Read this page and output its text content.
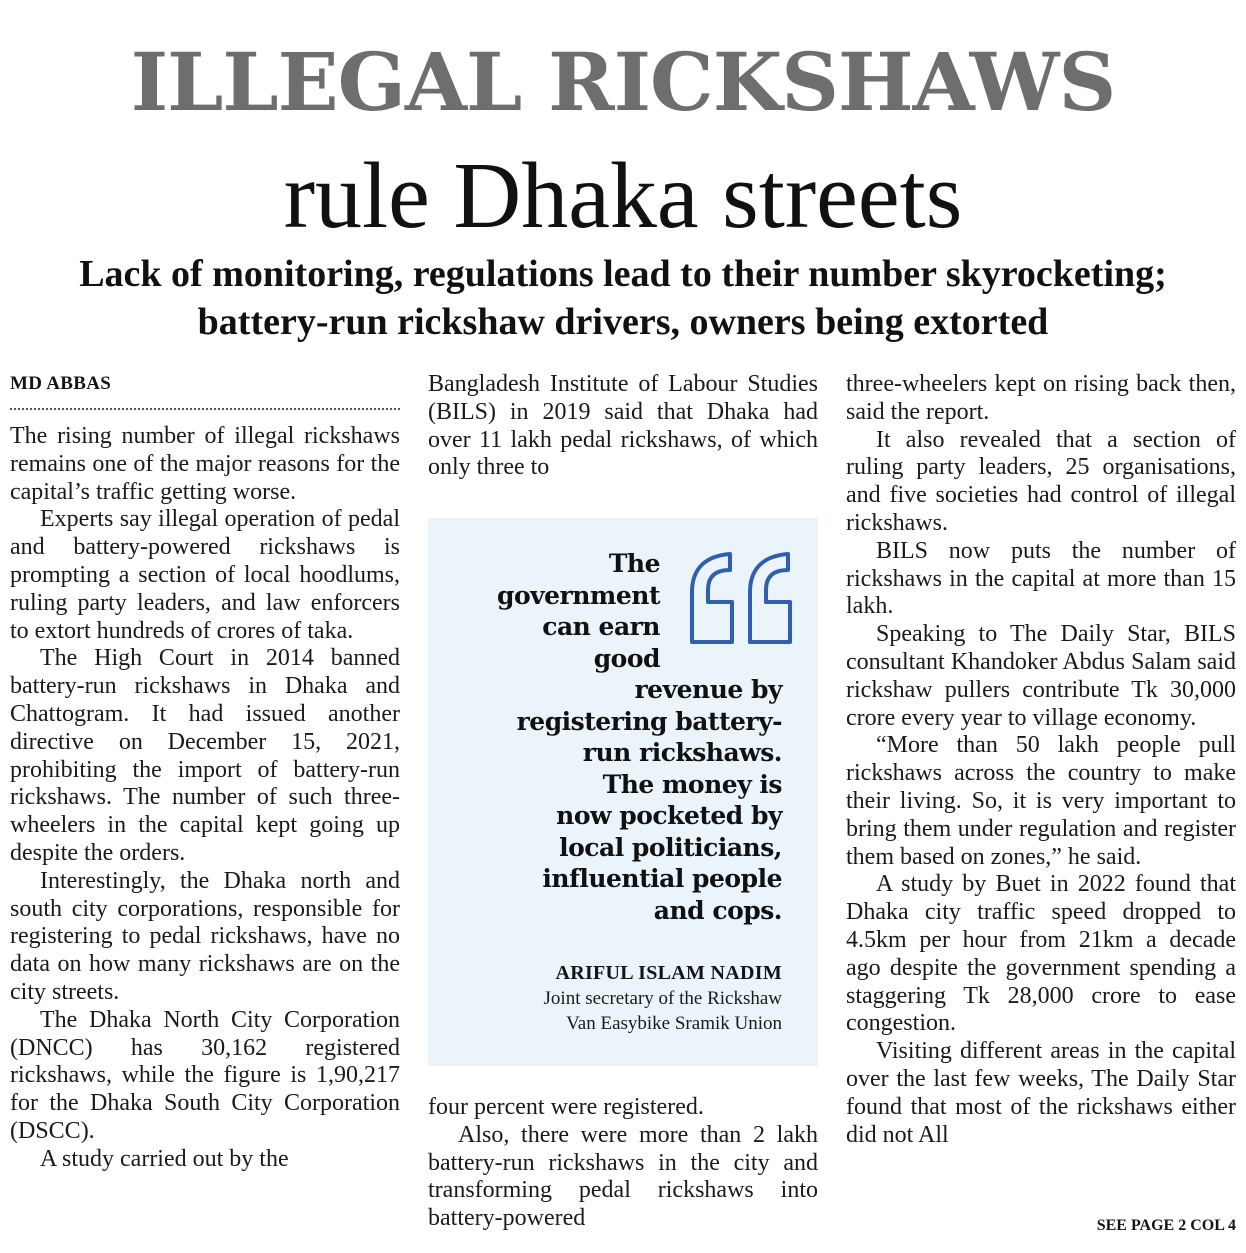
ILLEGAL RICKSHAWS
rule Dhaka streets
Lack of monitoring, regulations lead to their number skyrocketing;
battery-run rickshaw drivers, owners being extorted
MD ABBAS

The rising number of illegal rickshaws remains one of the major reasons for the capital’s traffic getting worse.

Experts say illegal operation of pedal and battery-powered rickshaws is prompting a section of local hoodlums, ruling party leaders, and law enforcers to extort hundreds of crores of taka.

The High Court in 2014 banned battery-run rickshaws in Dhaka and Chattogram. It had issued another directive on December 15, 2021, prohibiting the import of battery-run rickshaws. The number of such three-wheelers in the capital kept going up despite the orders.

Interestingly, the Dhaka north and south city corporations, responsible for registering to pedal rickshaws, have no data on how many rickshaws are on the city streets.

The Dhaka North City Corporation (DNCC) has 30,162 registered rickshaws, while the figure is 1,90,217 for the Dhaka South City Corporation (DSCC).

A study carried out by the

Bangladesh Institute of Labour Studies (BILS) in 2019 said that Dhaka had over 11 lakh pedal rickshaws, of which only three to

The
government
can earn
good
revenue by
registering battery-
run rickshaws.
The money is
now pocketed by
local politicians,
influential people
and cops.
ARIFUL ISLAM NADIM
Joint secretary of the Rickshaw
Van Easybike Sramik Union

four percent were registered.

Also, there were more than 2 lakh battery-run rickshaws in the city and transforming pedal rickshaws into battery-powered

three-wheelers kept on rising back then, said the report.

It also revealed that a section of ruling party leaders, 25 organisations, and five societies had control of illegal rickshaws.

BILS now puts the number of rickshaws in the capital at more than 15 lakh.

Speaking to The Daily Star, BILS consultant Khandoker Abdus Salam said rickshaw pullers contribute Tk 30,000 crore every year to village economy.

“More than 50 lakh people pull rickshaws across the country to make their living. So, it is very important to bring them under regulation and register them based on zones,” he said.

A study by Buet in 2022 found that Dhaka city traffic speed dropped to 4.5km per hour from 21km a decade ago despite the government spending a staggering Tk 28,000 crore to ease congestion.

Visiting different areas in the capital over the last few weeks, The Daily Star found that most of the rickshaws either did not All

SEE PAGE 2 COL 4
